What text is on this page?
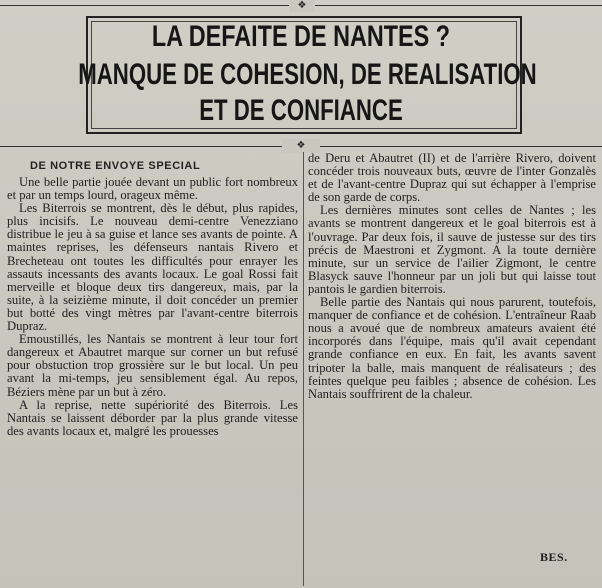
❖
LA DEFAITE DE NANTES ?
MANQUE DE COHESION, DE REALISATION
ET DE CONFIANCE
❖
DE NOTRE ENVOYE SPECIAL

Une belle partie jouée devant un public fort nombreux et par un temps lourd, orageux même.

Les Biterrois se montrent, dès le début, plus rapides, plus incisifs. Le nouveau demi-centre Venezziano distribue le jeu à sa guise et lance ses avants de pointe. A maintes reprises, les défenseurs nantais Rivero et Brecheteau ont toutes les difficultés pour enrayer les assauts incessants des avants locaux. Le goal Rossi fait merveille et bloque deux tirs dangereux, mais, par la suite, à la seizième minute, il doit concéder un premier but botté des vingt mètres par l'avant-centre biterrois Dupraz.

Emoustillés, les Nantais se montrent à leur tour fort dangereux et Abautret marque sur corner un but refusé pour obstuction trop grossière sur le but local. Un peu avant la mi-temps, jeu sensiblement égal. Au repos, Béziers mène par un but à zéro.

A la reprise, nette supériorité des Biterrois. Les Nantais se laissent déborder par la plus grande vitesse des avants locaux et, malgré les prouesses

de Deru et Abautret (II) et de l'arrière Rivero, doivent concéder trois nouveaux buts, œuvre de l'inter Gonzalès et de l'avant-centre Dupraz qui sut échapper à l'emprise de son garde de corps.

Les dernières minutes sont celles de Nantes ; les avants se montrent dangereux et le goal biterrois est à l'ouvrage. Par deux fois, il sauve de justesse sur des tirs précis de Maestroni et Zygmont. A la toute dernière minute, sur un service de l'ailier Zigmont, le centre Blasyck sauve l'honneur par un joli but qui laisse tout pantois le gardien biterrois.

Belle partie des Nantais qui nous parurent, toutefois, manquer de confiance et de cohésion. L'entraîneur Raab nous a avoué que de nombreux amateurs avaient été incorporés dans l'équipe, mais qu'il avait cependant grande confiance en eux. En fait, les avants savent tripoter la balle, mais manquent de réalisateurs ; des feintes quelque peu faibles ; absence de cohésion. Les Nantais souffrirent de la chaleur.

BES.
